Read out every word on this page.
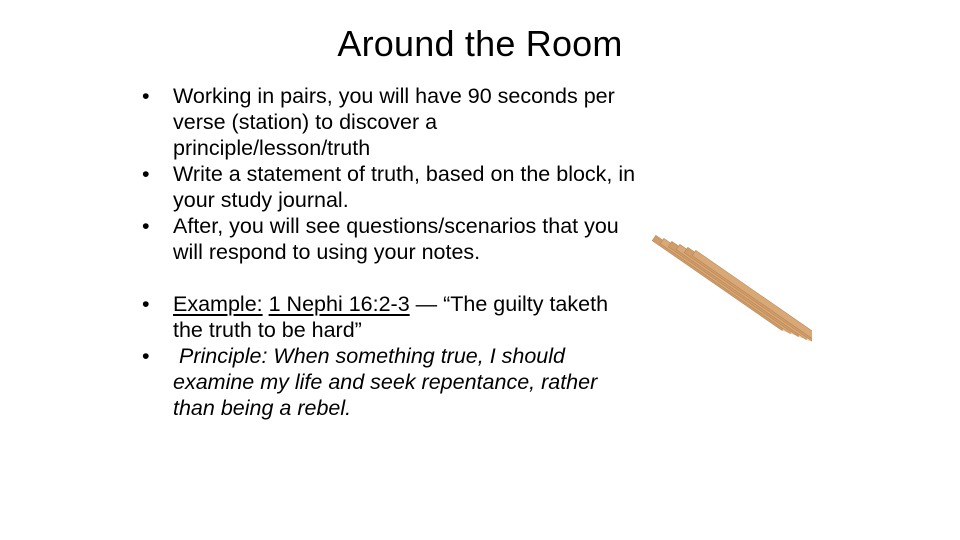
Around the Room
•	Working in pairs, you will have 90 seconds per verse (station) to discover a principle/lesson/truth
•	Write a statement of truth, based on the block, in your study journal.
•	After, you will see questions/scenarios that you will respond to using your notes.
•	Example: 1 Nephi 16:2-3 — “The guilty taketh the truth to be hard”
•	Principle: When something true, I should examine my life and seek repentance, rather than being a rebel.
